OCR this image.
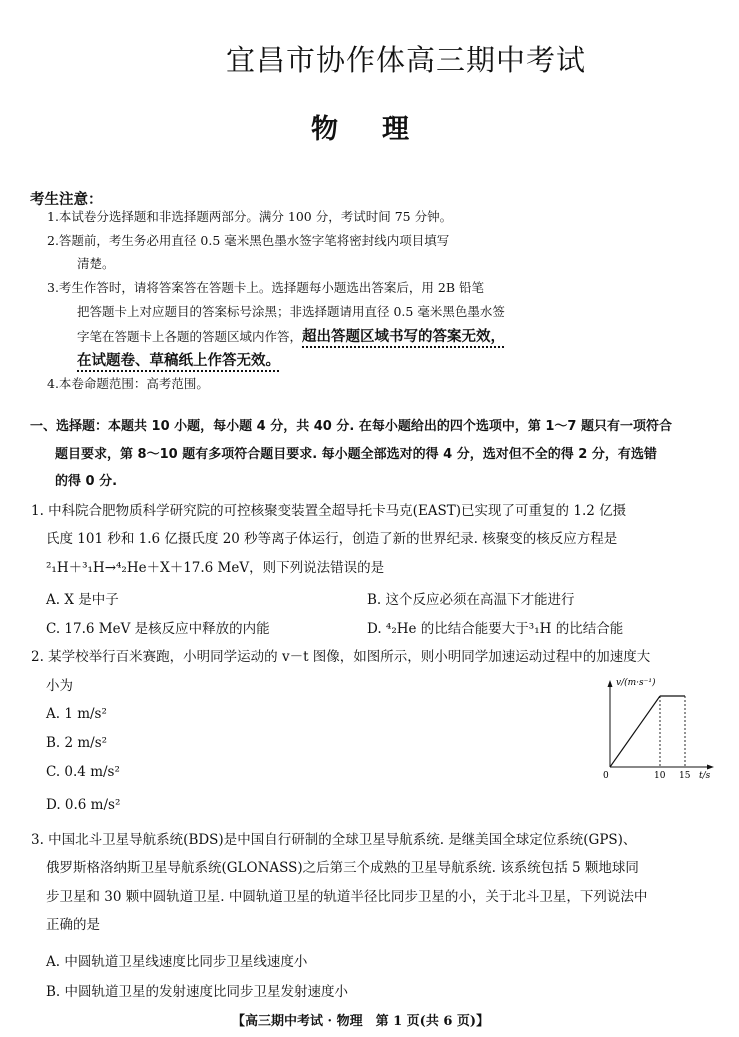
宜昌市协作体高三期中考试
物理
考生注意：
1.本试卷分选择题和非选择题两部分。满分 100 分，考试时间 75 分钟。
2.答题前，考生务必用直径 0.5 毫米黑色墨水签字笔将密封线内项目填写
清楚。
3.考生作答时，请将答案答在答题卡上。选择题每小题选出答案后，用 2B 铅笔
把答题卡上对应题目的答案标号涂黑；非选择题请用直径 0.5 毫米黑色墨水签
字笔在答题卡上各题的答题区域内作答，超出答题区域书写的答案无效，
在试题卷、草稿纸上作答无效。
4.本卷命题范围：高考范围。
一、选择题：本题共 10 小题，每小题 4 分，共 40 分. 在每小题给出的四个选项中，第 1～7 题只有一项符合
题目要求，第 8～10 题有多项符合题目要求. 每小题全部选对的得 4 分，选对但不全的得 2 分，有选错
的得 0 分.
1. 中科院合肥物质科学研究院的可控核聚变装置全超导托卡马克(EAST)已实现了可重复的 1.2 亿摄
氏度 101 秒和 1.6 亿摄氏度 20 秒等离子体运行，创造了新的世界纪录. 核聚变的核反应方程是
²₁H＋³₁H→⁴₂He＋X＋17.6 MeV，则下列说法错误的是
A. X 是中子	B. 这个反应必须在高温下才能进行
C. 17.6 MeV 是核反应中释放的内能	D. ⁴₂He 的比结合能要大于³₁H 的比结合能
2. 某学校举行百米赛跑，小明同学运动的 v－t 图像，如图所示，则小明同学加速运动过程中的加速度大
小为
A. 1 m/s²
B. 2 m/s²
C. 0.4 m/s²
D. 0.6 m/s²
v/(m·s⁻¹)
0	10 15 t/s
3. 中国北斗卫星导航系统(BDS)是中国自行研制的全球卫星导航系统. 是继美国全球定位系统(GPS)、
俄罗斯格洛纳斯卫星导航系统(GLONASS)之后第三个成熟的卫星导航系统. 该系统包括 5 颗地球同
步卫星和 30 颗中圆轨道卫星. 中圆轨道卫星的轨道半径比同步卫星的小，关于北斗卫星，下列说法中
正确的是
A. 中圆轨道卫星线速度比同步卫星线速度小
B. 中圆轨道卫星的发射速度比同步卫星发射速度小
【高三期中考试 · 物理　第 1 页(共 6 页)】
